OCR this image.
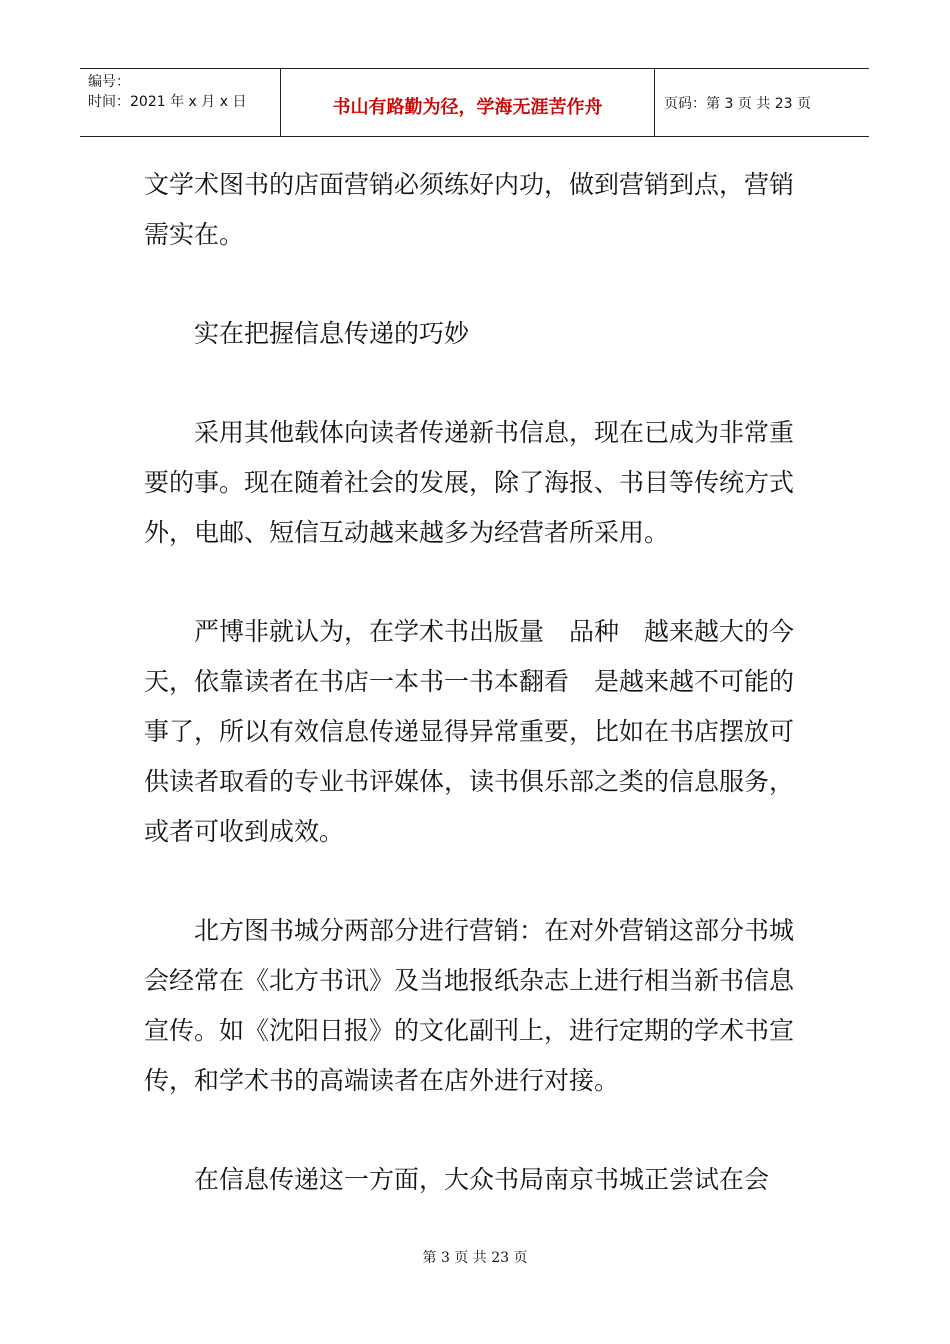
编号：
时间：2021 年 x 月 x 日	书山有路勤为径，学海无涯苦作舟	页码：第 3 页 共 23 页

文学术图书的店面营销必须练好内功，做到营销到点，营销需实在。

实在把握信息传递的巧妙

采用其他载体向读者传递新书信息，现在已成为非常重要的事。现在随着社会的发展，除了海报、书目等传统方式外，电邮、短信互动越来越多为经营者所采用。

严博非就认为，在学术书出版量　品种　越来越大的今天，依靠读者在书店一本书一书本翻看　是越来越不可能的事了，所以有效信息传递显得异常重要，比如在书店摆放可供读者取看的专业书评媒体，读书俱乐部之类的信息服务，或者可收到成效。

北方图书城分两部分进行营销：在对外营销这部分书城会经常在《北方书讯》及当地报纸杂志上进行相当新书信息宣传。如《沈阳日报》的文化副刊上，进行定期的学术书宣传，和学术书的高端读者在店外进行对接。

在信息传递这一方面，大众书局南京书城正尝试在会

第 3 页 共 23 页
